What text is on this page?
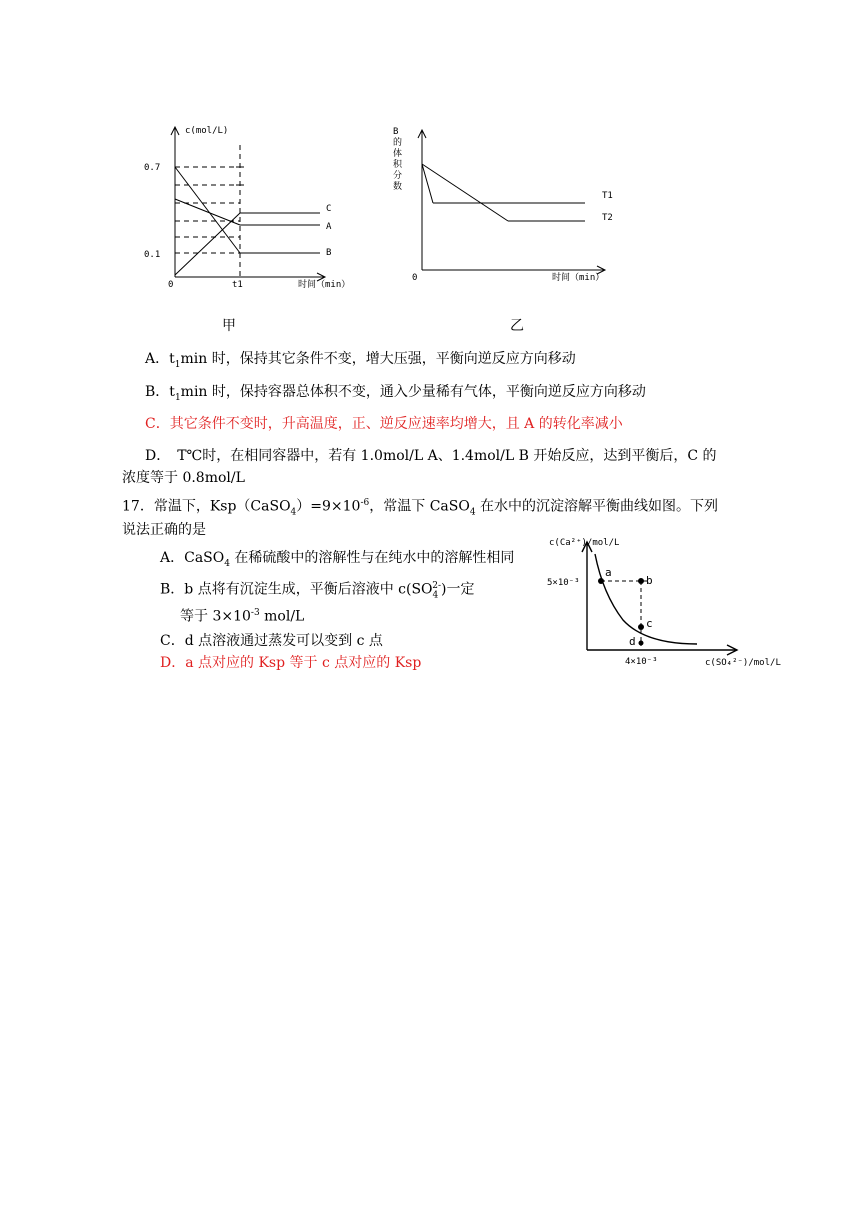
c(mol/L)
0.7
0.1
0	t1	时间（min）
C
A
B
B
的
体
积
分
数
0	时间（min）
T1
T2
甲	乙
A．$t_1\min$ 时，保持其它条件不变，增大压强，平衡向逆反应方向移动
B．$t_1\min$ 时，保持容器总体积不变，通入少量稀有气体，平衡向逆反应方向移动
C．其它条件不变时，升高温度，正、逆反应速率均增大，且 A 的转化率减小
D．　T℃时，在相同容器中，若有 1.0mol/L A、1.4mol/L B 开始反应，达到平衡后，C 的
浓度等于 0.8mol/L
17．常温下，$Ksp(CaSO_4)=9\times 10^{-6}$，常温下 CaSO$_4$ 在水中的沉淀溶解平衡曲线如图。下列
说法正确的是
A．CaSO$_4$ 在稀硫酸中的溶解性与在纯水中的溶解性相同
B．b 点将有沉淀生成，平衡后溶液中 $c(SO_4^{2-})$一定
等于 $3\times 10^{-3}$ mol/L
C．d 点溶液通过蒸发可以变到 c 点
D．a 点对应的 Ksp 等于 c 点对应的 Ksp
c(Ca²⁺)/mol/L
5×10⁻³
4×10⁻³	c(SO₄²⁻)/mol/L
a
b
c
d
